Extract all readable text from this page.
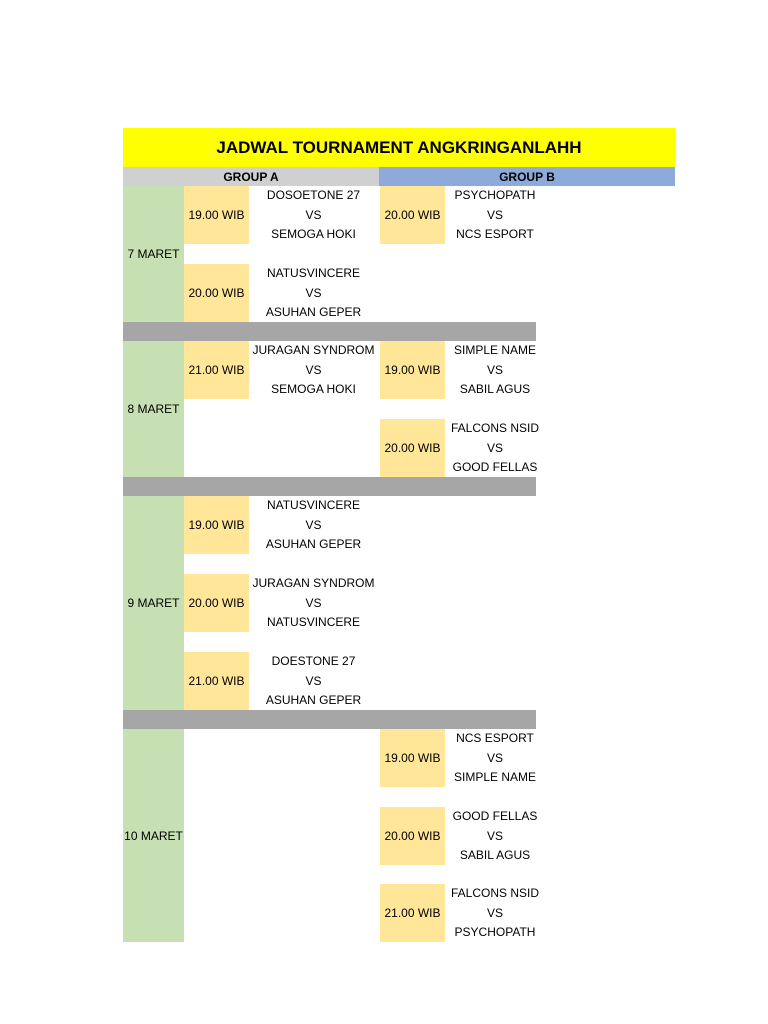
JADWAL TOURNAMENT ANGKRINGANLAHH
GROUP A	GROUP B
7 MARET
8 MARET
9 MARET
10 MARET
19.00 WIB
DOSOETONE 27
VS
SEMOGA HOKI
20.00 WIB
NATUSVINCERE
VS
ASUHAN GEPER
20.00 WIB
PSYCHOPATH
VS
NCS ESPORT
21.00 WIB
JURAGAN SYNDROM
VS
SEMOGA HOKI
19.00 WIB
SIMPLE NAME
VS
SABIL AGUS
20.00 WIB
FALCONS NSID
VS
GOOD FELLAS
19.00 WIB
NATUSVINCERE
VS
ASUHAN GEPER
20.00 WIB
JURAGAN SYNDROM
VS
NATUSVINCERE
21.00 WIB
DOESTONE 27
VS
ASUHAN GEPER
19.00 WIB
NCS ESPORT
VS
SIMPLE NAME
20.00 WIB
GOOD FELLAS
VS
SABIL AGUS
21.00 WIB
FALCONS NSID
VS
PSYCHOPATH
